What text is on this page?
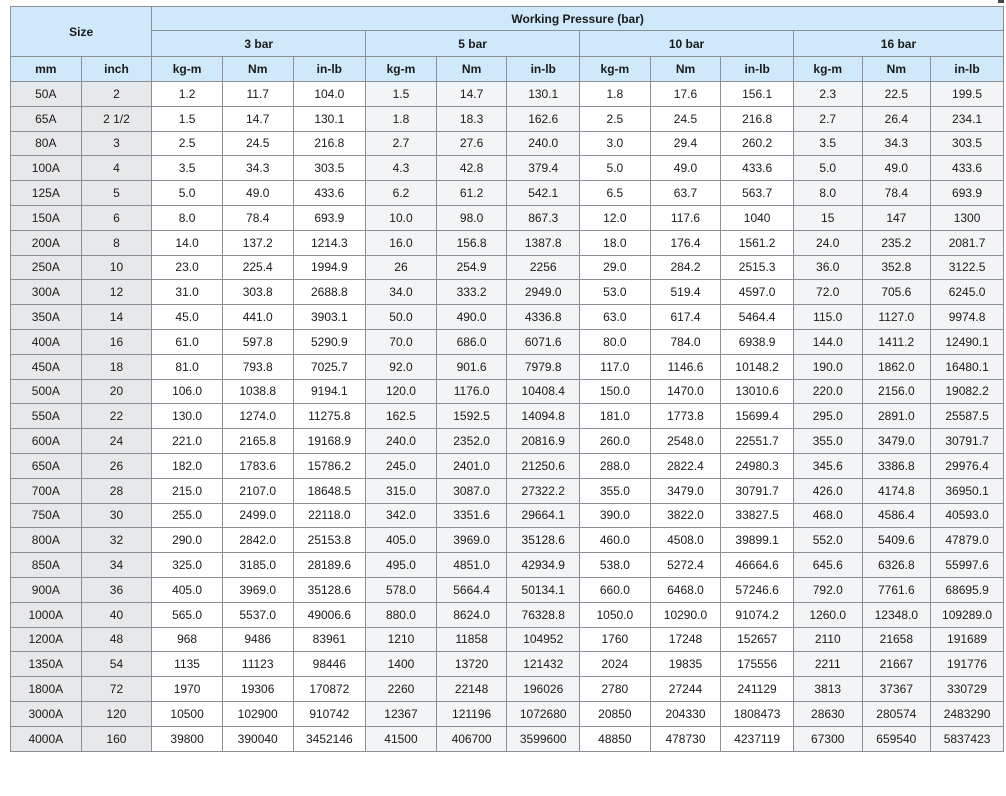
Size		Working Pressure (bar)											
		3 bar			5 bar			10 bar			16 bar		
mm	inch	kg-m	Nm	in-lb	kg-m	Nm	in-lb	kg-m	Nm	in-lb	kg-m	Nm	in-lb
50A	2	1.2	11.7	104.0	1.5	14.7	130.1	1.8	17.6	156.1	2.3	22.5	199.5
65A	2 1/2	1.5	14.7	130.1	1.8	18.3	162.6	2.5	24.5	216.8	2.7	26.4	234.1
80A	3	2.5	24.5	216.8	2.7	27.6	240.0	3.0	29.4	260.2	3.5	34.3	303.5
100A	4	3.5	34.3	303.5	4.3	42.8	379.4	5.0	49.0	433.6	5.0	49.0	433.6
125A	5	5.0	49.0	433.6	6.2	61.2	542.1	6.5	63.7	563.7	8.0	78.4	693.9
150A	6	8.0	78.4	693.9	10.0	98.0	867.3	12.0	117.6	1040	15	147	1300
200A	8	14.0	137.2	1214.3	16.0	156.8	1387.8	18.0	176.4	1561.2	24.0	235.2	2081.7
250A	10	23.0	225.4	1994.9	26	254.9	2256	29.0	284.2	2515.3	36.0	352.8	3122.5
300A	12	31.0	303.8	2688.8	34.0	333.2	2949.0	53.0	519.4	4597.0	72.0	705.6	6245.0
350A	14	45.0	441.0	3903.1	50.0	490.0	4336.8	63.0	617.4	5464.4	115.0	1127.0	9974.8
400A	16	61.0	597.8	5290.9	70.0	686.0	6071.6	80.0	784.0	6938.9	144.0	1411.2	12490.1
450A	18	81.0	793.8	7025.7	92.0	901.6	7979.8	117.0	1146.6	10148.2	190.0	1862.0	16480.1
500A	20	106.0	1038.8	9194.1	120.0	1176.0	10408.4	150.0	1470.0	13010.6	220.0	2156.0	19082.2
550A	22	130.0	1274.0	11275.8	162.5	1592.5	14094.8	181.0	1773.8	15699.4	295.0	2891.0	25587.5
600A	24	221.0	2165.8	19168.9	240.0	2352.0	20816.9	260.0	2548.0	22551.7	355.0	3479.0	30791.7
650A	26	182.0	1783.6	15786.2	245.0	2401.0	21250.6	288.0	2822.4	24980.3	345.6	3386.8	29976.4
700A	28	215.0	2107.0	18648.5	315.0	3087.0	27322.2	355.0	3479.0	30791.7	426.0	4174.8	36950.1
750A	30	255.0	2499.0	22118.0	342.0	3351.6	29664.1	390.0	3822.0	33827.5	468.0	4586.4	40593.0
800A	32	290.0	2842.0	25153.8	405.0	3969.0	35128.6	460.0	4508.0	39899.1	552.0	5409.6	47879.0
850A	34	325.0	3185.0	28189.6	495.0	4851.0	42934.9	538.0	5272.4	46664.6	645.6	6326.8	55997.6
900A	36	405.0	3969.0	35128.6	578.0	5664.4	50134.1	660.0	6468.0	57246.6	792.0	7761.6	68695.9
1000A	40	565.0	5537.0	49006.6	880.0	8624.0	76328.8	1050.0	10290.0	91074.2	1260.0	12348.0	109289.0
1200A	48	968	9486	83961	1210	11858	104952	1760	17248	152657	2110	21658	191689
1350A	54	1135	11123	98446	1400	13720	121432	2024	19835	175556	2211	21667	191776
1800A	72	1970	19306	170872	2260	22148	196026	2780	27244	241129	3813	37367	330729
3000A	120	10500	102900	910742	12367	121196	1072680	20850	204330	1808473	28630	280574	2483290
4000A	160	39800	390040	3452146	41500	406700	3599600	48850	478730	4237119	67300	659540	5837423
